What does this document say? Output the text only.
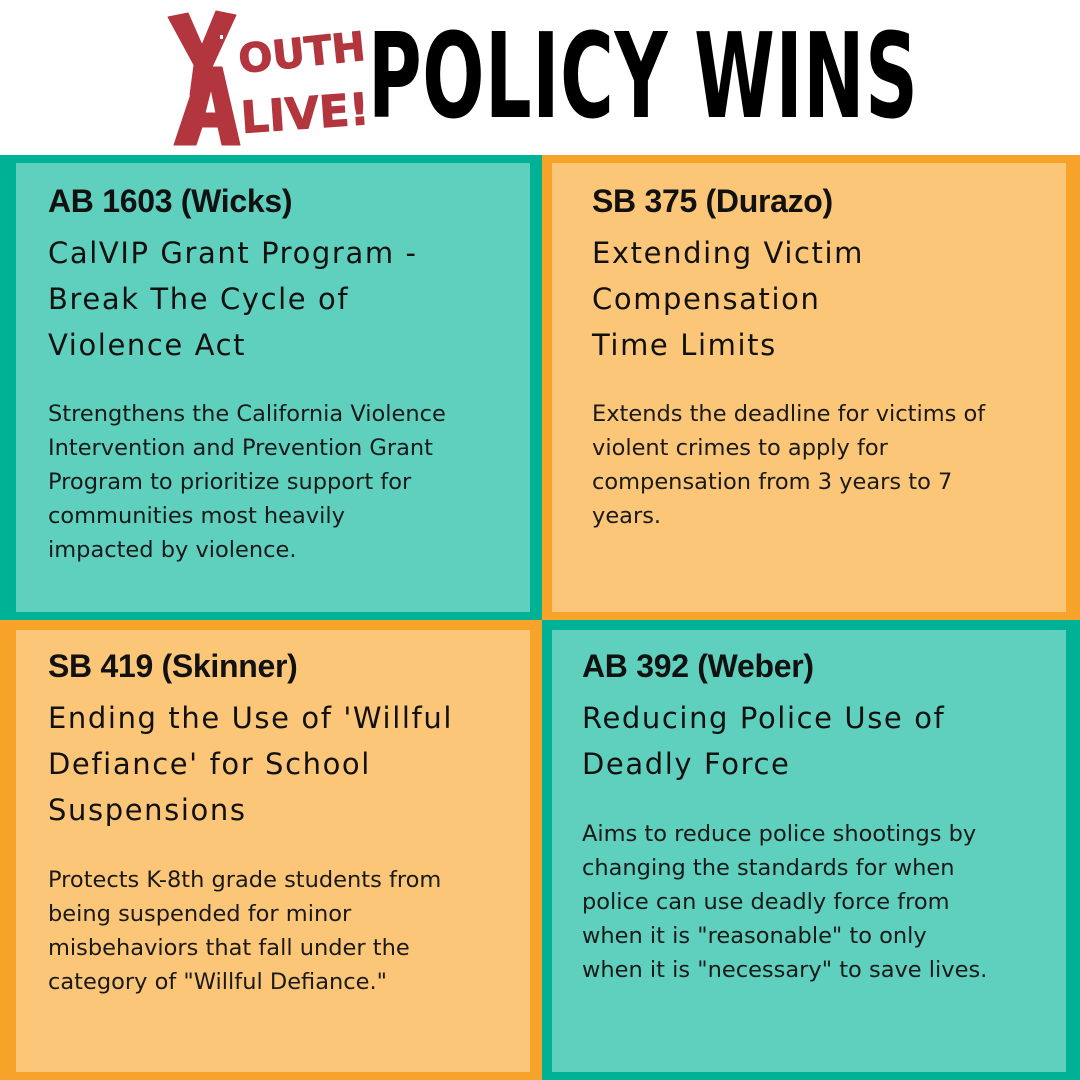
OUTH
LIVE!
POLICY WINS
AB 1603 (Wicks)
CalVIP Grant Program -
Break The Cycle of
Violence Act
Strengthens the California Violence
Intervention and Prevention Grant
Program to prioritize support for
communities most heavily
impacted by violence.
SB 375 (Durazo)
Extending Victim
Compensation
Time Limits
Extends the deadline for victims of
violent crimes to apply for
compensation from 3 years to 7
years.
SB 419 (Skinner)
Ending the Use of 'Willful
Defiance' for School
Suspensions
Protects K-8th grade students from
being suspended for minor
misbehaviors that fall under the
category of "Willful Defiance."
AB 392 (Weber)
Reducing Police Use of
Deadly Force
Aims to reduce police shootings by
changing the standards for when
police can use deadly force from
when it is "reasonable" to only
when it is "necessary" to save lives.
